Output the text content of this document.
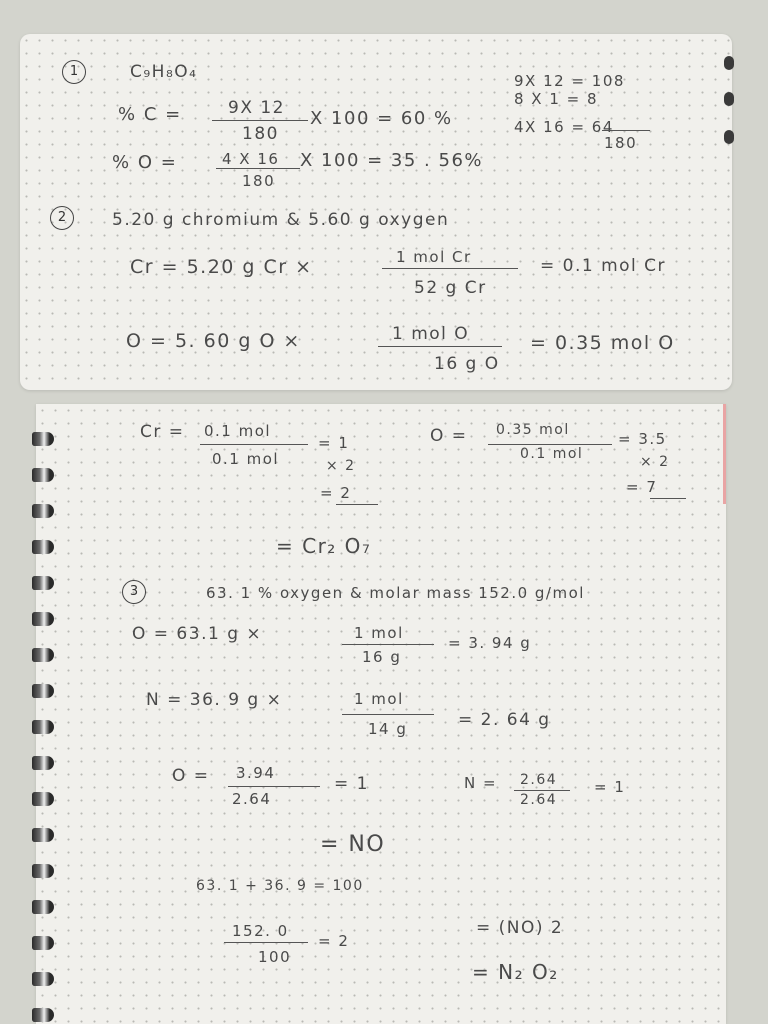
1	C₉H₈O₄
% C =	9X 12
180
X 100 = 60 %
% O =	4 X 16
180
X 100 = 35 . 56%
9X 12 = 108
8 X 1 = 8
4X 16 = 64
180
2	5.20 g chromium & 5.60 g oxygen
Cr = 5.20 g Cr ×	1 mol Cr
52 g Cr
= 0.1 mol Cr
O = 5. 60 g O ×	1 mol O
16 g O
= 0.35 mol O
Cr = 0.1 mol
0.1 mol
= 1
× 2
= 2
O = 0.35 mol
0.1 mol
= 3.5
× 2
= 7
= Cr₂ O₇
3	63. 1 % oxygen & molar mass 152.0 g/mol
O = 63.1 g ×	1 mol
16 g
= 3. 94 g
N = 36. 9 g ×	1 mol
14 g	= 2. 64 g
O = 3.94
2.64
= 1	N = 2.64
2.64
= 1
= NO
63. 1 + 36. 9 = 100
152. 0
100
= 2
= (NO) 2
= N₂ O₂
